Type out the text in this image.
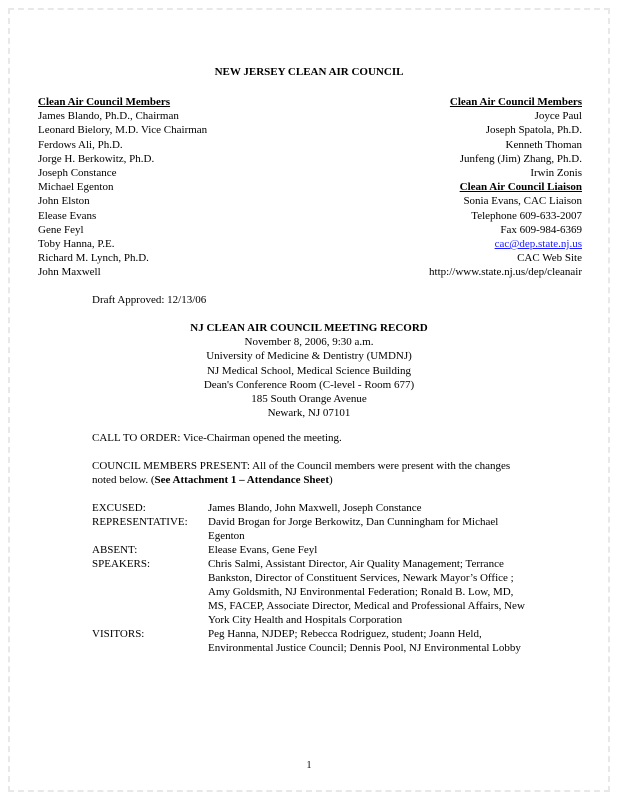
NEW JERSEY CLEAN AIR COUNCIL
Clean Air Council Members
James Blando, Ph.D., Chairman
Leonard Bielory, M.D. Vice Chairman
Ferdows Ali, Ph.D.
Jorge H. Berkowitz, Ph.D.
Joseph Constance
Michael Egenton
John Elston
Elease Evans
Gene Feyl
Toby Hanna, P.E.
Richard M. Lynch, Ph.D.
John Maxwell
Clean Air Council Members
Joyce Paul
Joseph Spatola, Ph.D.
Kenneth Thoman
Junfeng (Jim) Zhang, Ph.D.
Irwin Zonis
Clean Air Council Liaison
Sonia Evans, CAC Liaison
Telephone 609-633-2007
Fax 609-984-6369
cac@dep.state.nj.us
CAC Web Site
http://www.state.nj.us/dep/cleanair
Draft Approved: 12/13/06
NJ CLEAN AIR COUNCIL MEETING RECORD
November 8, 2006, 9:30 a.m.
University of Medicine & Dentistry (UMDNJ)
NJ Medical School, Medical Science Building
Dean's Conference Room (C-level - Room 677)
185 South Orange Avenue
Newark, NJ 07101
CALL TO ORDER: Vice-Chairman opened the meeting.
COUNCIL MEMBERS PRESENT: All of the Council members were present with the changes noted below. (See Attachment 1 – Attendance Sheet)
EXCUSED:	James Blando, John Maxwell, Joseph Constance
REPRESENTATIVE:	David Brogan for Jorge Berkowitz, Dan Cunningham for Michael Egenton
ABSENT:	Elease Evans, Gene Feyl
SPEAKERS:	Chris Salmi, Assistant Director, Air Quality Management; Terrance Bankston, Director of Constituent Services, Newark Mayor’s Office ; Amy Goldsmith, NJ Environmental Federation; Ronald B. Low, MD, MS, FACEP, Associate Director, Medical and Professional Affairs, New York City Health and Hospitals Corporation
VISITORS:	Peg Hanna, NJDEP; Rebecca Rodriguez, student; Joann Held, Environmental Justice Council; Dennis Pool, NJ Environmental Lobby
1
